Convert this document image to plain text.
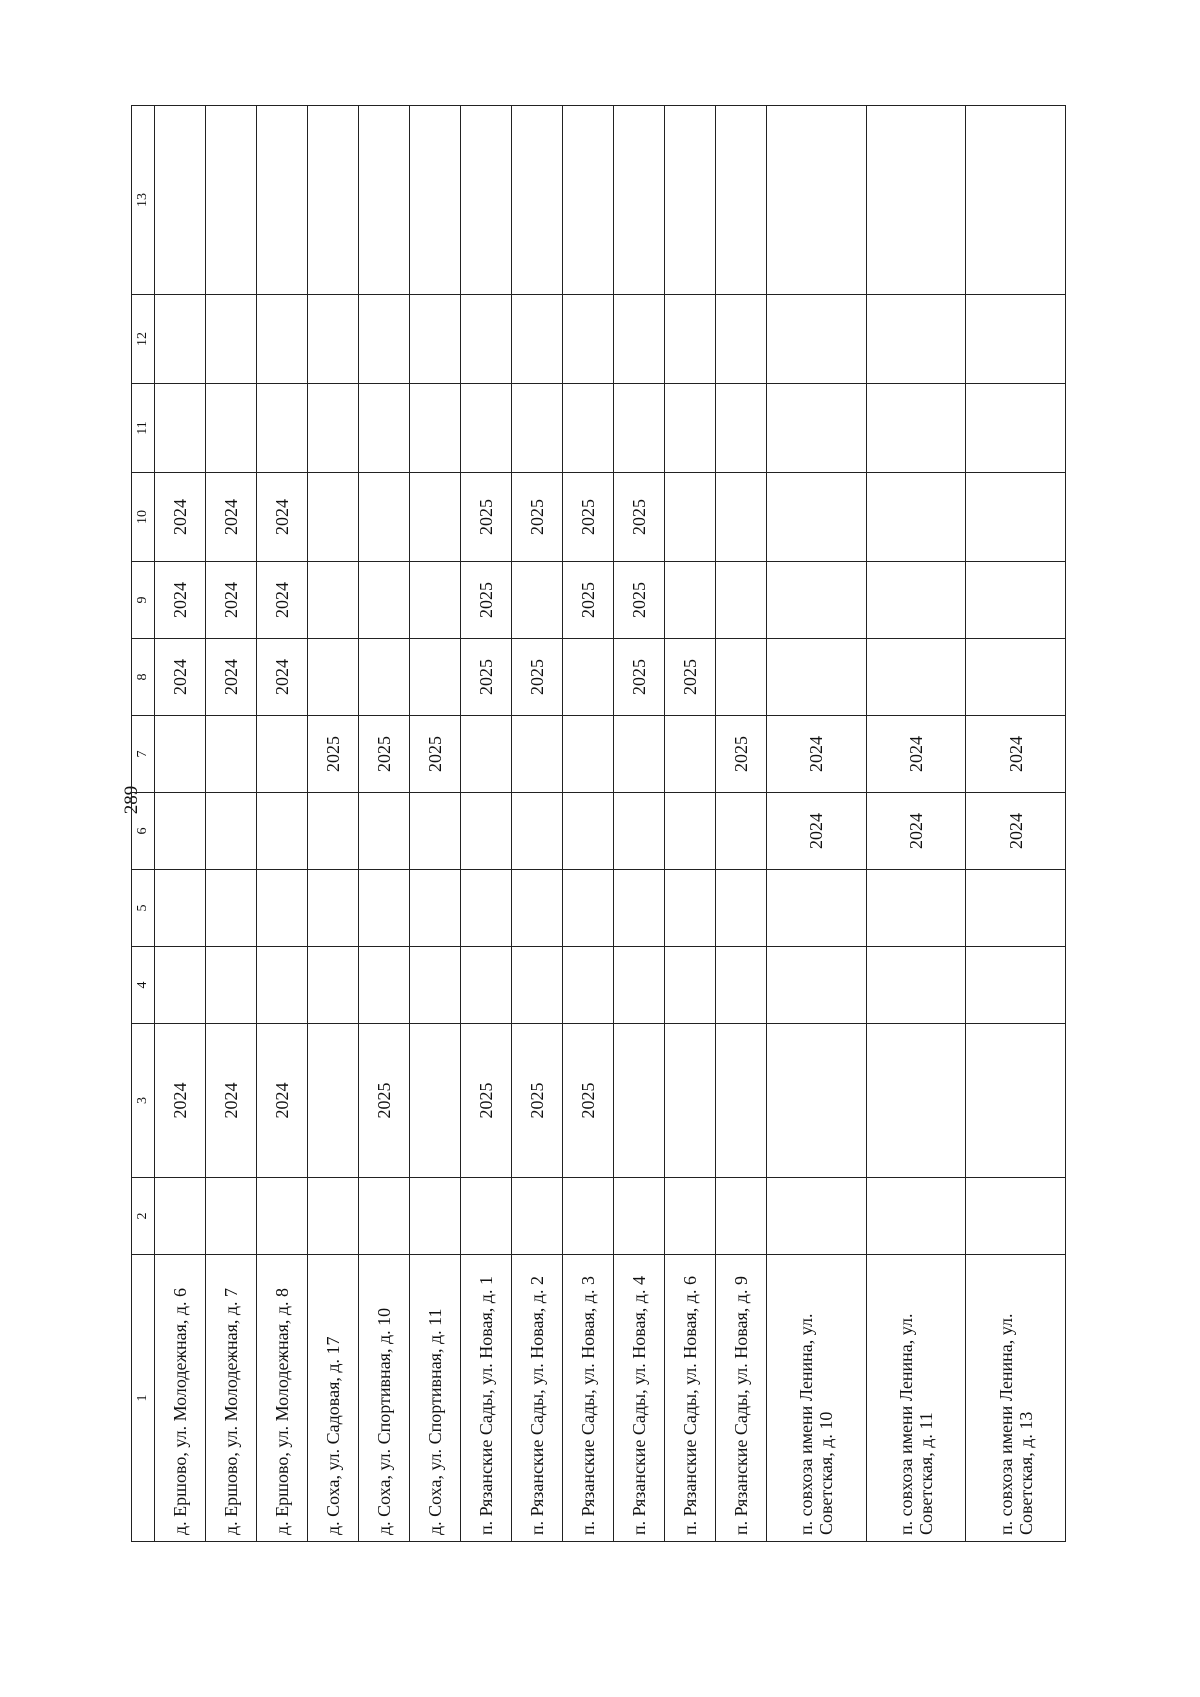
289
1	2	3	4	5	6	7	8	9	10	11	12	13
д. Ершово, ул. Молодежная, д. 6		2024					2024	2024	2024			
д. Ершово, ул. Молодежная, д. 7		2024					2024	2024	2024			
д. Ершово, ул. Молодежная, д. 8		2024					2024	2024	2024			
д. Соха, ул. Садовая, д. 17						2025						
д. Соха, ул. Спортивная, д. 10		2025				2025						
д. Соха, ул. Спортивная, д. 11						2025						
п. Рязанские Сады, ул. Новая, д. 1		2025					2025	2025	2025			
п. Рязанские Сады, ул. Новая, д. 2		2025					2025		2025			
п. Рязанские Сады, ул. Новая, д. 3		2025						2025	2025			
п. Рязанские Сады, ул. Новая, д. 4							2025	2025	2025			
п. Рязанские Сады, ул. Новая, д. 6							2025					
п. Рязанские Сады, ул. Новая, д. 9						2025						
п. совхоза имени Ленина, ул. Советская, д. 10					2024	2024						
п. совхоза имени Ленина, ул. Советская, д. 11					2024	2024						
п. совхоза имени Ленина, ул. Советская, д. 13					2024	2024						
